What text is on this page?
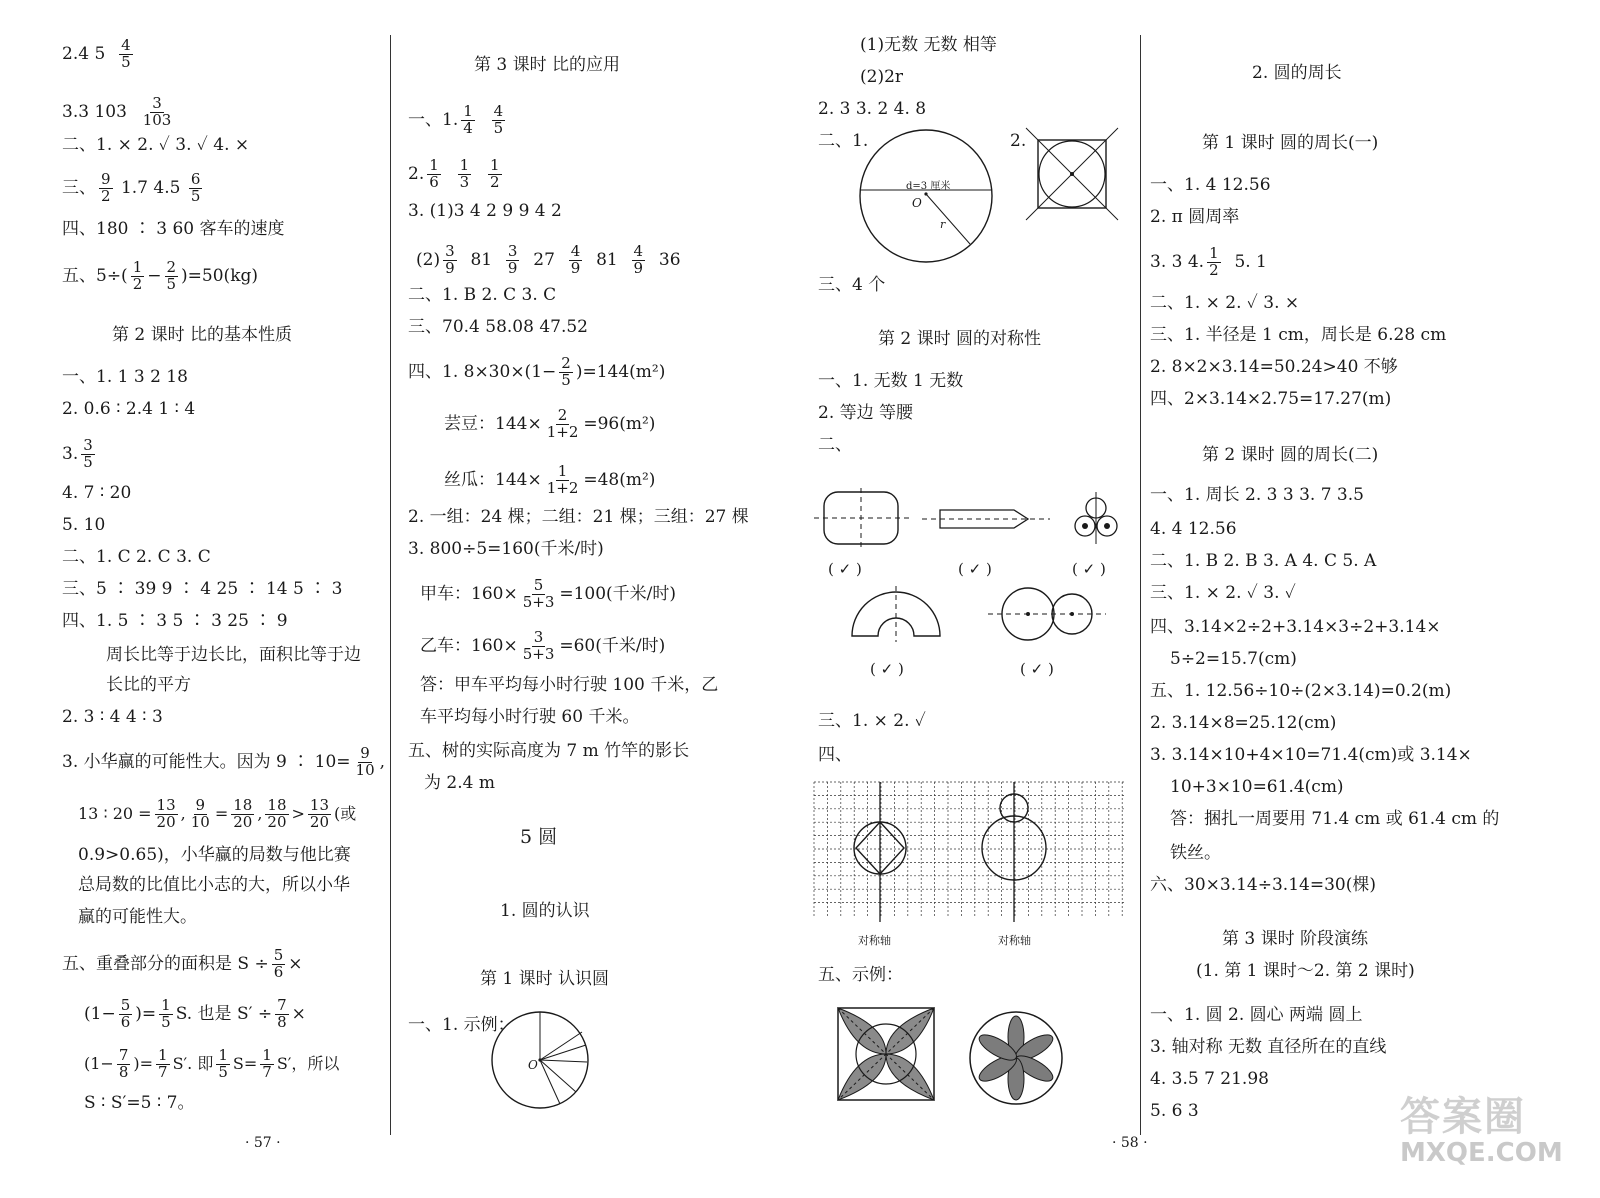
2.4 $5 \frac{4}{5}$
3.3 $103 \frac{3}{103}$
二、1. × 2. ✓ 3. ✓ 4. ×
三、 $\frac{9}{2} 1.7$ $4.5 \frac{6}{5}$
四、180 ∶ 3 60 客车的速度
五、$5\div( \frac{1}{2} - \frac{2}{5} )=50(kg)$
第 2 课时 比的基本性质
一、1. 1 3 2 18
2. 0.6 ∶ 2.4 1 ∶ 4
3. $\frac{3}{5}$
4. 7 ∶ 20
5. 10
二、1. C 2. C 3. C
三、5 ∶ 39 9 ∶ 4 25 ∶ 14 5 ∶ 3
四、1. 5 ∶ 3 5 ∶ 3 25 ∶ 9
周长比等于边长比，面积比等于边
长比的平方
2. 3 ∶ 4 4 ∶ 3
3. 小华赢的可能性大。因为 9 ∶ $10= \frac{9}{10}$ ,
13 ∶ $20 = \frac{13}{20}$ , $\frac{9}{10} = \frac{18}{20}$ , $\frac{18}{20} > \frac{13}{20}$ (或
0.9>0.65)，小华赢的局数与他比赛
总局数的比值比小志的大，所以小华
赢的可能性大。
五、重叠部分的面积是 $S \div \frac{5}{6}$ ×
($1- \frac{5}{6}$ )= $\frac{1}{5} S$. 也是 $S' \div \frac{7}{8}$ ×
($1- \frac{7}{8}$ )= $\frac{1}{7} S'$. 即 $\frac{1}{5} S= \frac{1}{7} S'$，所以
S ∶ S′=5 ∶ 7。
· 57 ·
第 3 课时 比的应用
一、1. $\frac{1}{4}$
$\frac{4}{5}$
2. $\frac{1}{6}$
$\frac{1}{3}$
$\frac{1}{2}$
3. (1)3 4 2 9 9 4 2
$(2) \frac{3}{9} 81 \frac{3}{9} 27 \frac{4}{9} 81 \frac{4}{9} 36$
二、1. B 2. C 3. C
三、70.4 58.08 47.52
四、1. $8\times 30\times(1- \frac{2}{5} )=144(m^2)$
芸豆：$144\times \frac{2}{1+2} =96(m^2)$
丝瓜：$144\times \frac{1}{1+2} =48(m^2)$
2. 一组：24 棵；二组：21 棵；三组：27 棵
3. 800÷5=160(千米/时)
甲车：$160\times \frac{5}{5+3} =100$(千米/时)
乙车：$160\times \frac{3}{5+3} =60$(千米/时)
答：甲车平均每小时行驶 100 千米，乙
车平均每小时行驶 60 千米。
五、树的实际高度为 7 m 竹竿的影长
为 2.4 m
5 圆
1. 圆的认识
第 1 课时 认识圆
一、1. 示例：
O
(1)无数 无数 相等
(2)2r
2. 3 3. 2 4. 8
二、1.	2.
三、4 个
第 2 课时 圆的对称性
一、1. 无数 1 无数
2. 等边 等腰
二、
( ✓ )	( ✓ )	( ✓ )
( ✓ )	( ✓ )
三、1. × 2. ✓
四、
对称轴	对称轴
五、示例：
d=3 厘米
O
r
· 58 ·
2. 圆的周长
第 1 课时 圆的周长(一)
一、1. 4 12.56
2. π 圆周率
3. 3 4. $\frac{1}{2} 5$. 1
二、1. × 2. ✓ 3. ×
三、1. 半径是 1 cm，周长是 6.28 cm
2. 8×2×3.14=50.24>40 不够
四、2×3.14×2.75=17.27(m)
第 2 课时 圆的周长(二)
一、1. 周长 2. 3 3 3. 7 3.5
4. 4 12.56
二、1. B 2. B 3. A 4. C 5. A
三、1. × 2. ✓ 3. ✓
四、3.14×2÷2+3.14×3÷2+3.14×
5÷2=15.7(cm)
五、1. 12.56÷10÷(2×3.14)=0.2(m)
2. 3.14×8=25.12(cm)
3. 3.14×10+4×10=71.4(cm)或 3.14×
10+3×10=61.4(cm)
答：捆扎一周要用 71.4 cm 或 61.4 cm 的
铁丝。
六、30×3.14÷3.14=30(棵)
第 3 课时 阶段演练
(1. 第 1 课时～2. 第 2 课时)
一、1. 圆 2. 圆心 两端 圆上
3. 轴对称 无数 直径所在的直线
4. 3.5 7 21.98
5. 6 3	答案圈
MXQE.COM
